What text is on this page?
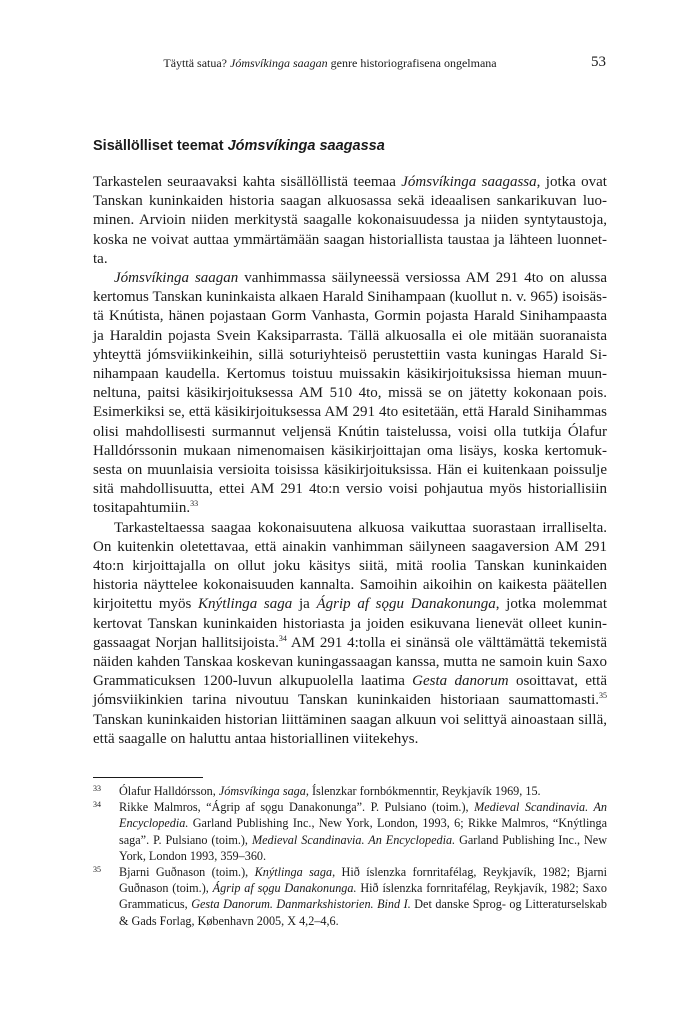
Täyttä satua? Jómsvíkinga saagan genre historiografisena ongelmana	53
Sisällölliset teemat Jómsvíkinga saagassa

Tarkastelen seuraavaksi kahta sisällöllistä teemaa Jómsvíkinga saagassa, jotka ovat Tanskan kuninkaiden historia saagan alkuosassa sekä ideaalisen sankarikuvan luominen. Arvioin niiden merkitystä saagalle kokonaisuudessa ja niiden syntytaustoja, koska ne voivat auttaa ymmärtämään saagan historiallista taustaa ja lähteen luonnetta.

Jómsvíkinga saagan vanhimmassa säilyneessä versiossa AM 291 4to on alussa kertomus Tanskan kuninkaista alkaen Harald Sinihampaan (kuollut n. v. 965) isoisästä Knútista, hänen pojastaan Gorm Vanhasta, Gormin pojasta Harald Sinihampaasta ja Haraldin pojasta Svein Kaksiparrasta. Tällä alkuosalla ei ole mitään suoranaista yhteyttä jómsviikinkeihin, sillä soturiyhteisö perustettiin vasta kuningas Harald Sinihampaan kaudella. Kertomus toistuu muissakin käsikirjoituksissa hieman muunneltuna, paitsi käsikirjoituksessa AM 510 4to, missä se on jätetty kokonaan pois. Esimerkiksi se, että käsikirjoituksessa AM 291 4to esitetään, että Harald Sinihammas olisi mahdollisesti surmannut veljensä Knútin taistelussa, voisi olla tutkija Ólafur Halldórssonin mukaan nimenomaisen käsikirjoittajan oma lisäys, koska kertomuksesta on muunlaisia versioita toisissa käsikirjoituksissa. Hän ei kuitenkaan poissulje sitä mahdollisuutta, ettei AM 291 4to:n versio voisi pohjautua myös historiallisiin tositapahtumiin.$^{33}$

Tarkasteltaessa saagaa kokonaisuutena alkuosa vaikuttaa suorastaan irralliselta. On kuitenkin oletettavaa, että ainakin vanhimman säilyneen saagaversion AM 291 4to:n kirjoittajalla on ollut joku käsitys siitä, mitä roolia Tanskan kuninkaiden historia näyttelee kokonaisuuden kannalta. Samoihin aikoihin on kaikesta päätellen kirjoitettu myös Knýtlinga saga ja Ágrip af sǫgu Danakonunga, jotka molemmat kertovat Tanskan kuninkaiden historiasta ja joiden esikuvana lienevät olleet kuningassaagat Norjan hallitsijoista.$^{34}$ AM 291 4:tolla ei sinänsä ole välttämättä tekemistä näiden kahden Tanskaa koskevan kuningassaagan kanssa, mutta ne samoin kuin Saxo Grammaticuksen 1200-luvun alkupuolella laatima Gesta danorum osoittavat, että jómsviikinkien tarina nivoutuu Tanskan kuninkaiden historiaan saumattomasti.$^{35}$ Tanskan kuninkaiden historian liittäminen saagan alkuun voi selittyä ainoastaan sillä, että saagalle on haluttu antaa historiallinen viitekehys.

33	Ólafur Halldórsson, Jómsvíkinga saga, Íslenzkar fornbókmenntir, Reykjavík 1969, 15.
34	Rikke Malmros, “Ágrip af sǫgu Danakonunga”. P. Pulsiano (toim.), Medieval Scandinavia. An Encyclopedia. Garland Publishing Inc., New York, London, 1993, 6; Rikke Malmros, “Knýtlinga saga”. P. Pulsiano (toim.), Medieval Scandinavia. An Encyclopedia. Garland Publishing Inc., New York, London 1993, 359–360.
35	Bjarni Guðnason (toim.), Knýtlinga saga, Hið íslenzka fornritafélag, Reykjavík, 1982; Bjarni Guðnason (toim.), Ágrip af sǫgu Danakonunga. Hið íslenzka fornritafélag, Reykjavík, 1982; Saxo Grammaticus, Gesta Danorum. Danmarkshistorien. Bind I. Det danske Sprog- og Litteraturselskab & Gads Forlag, København 2005, X 4,2–4,6.
